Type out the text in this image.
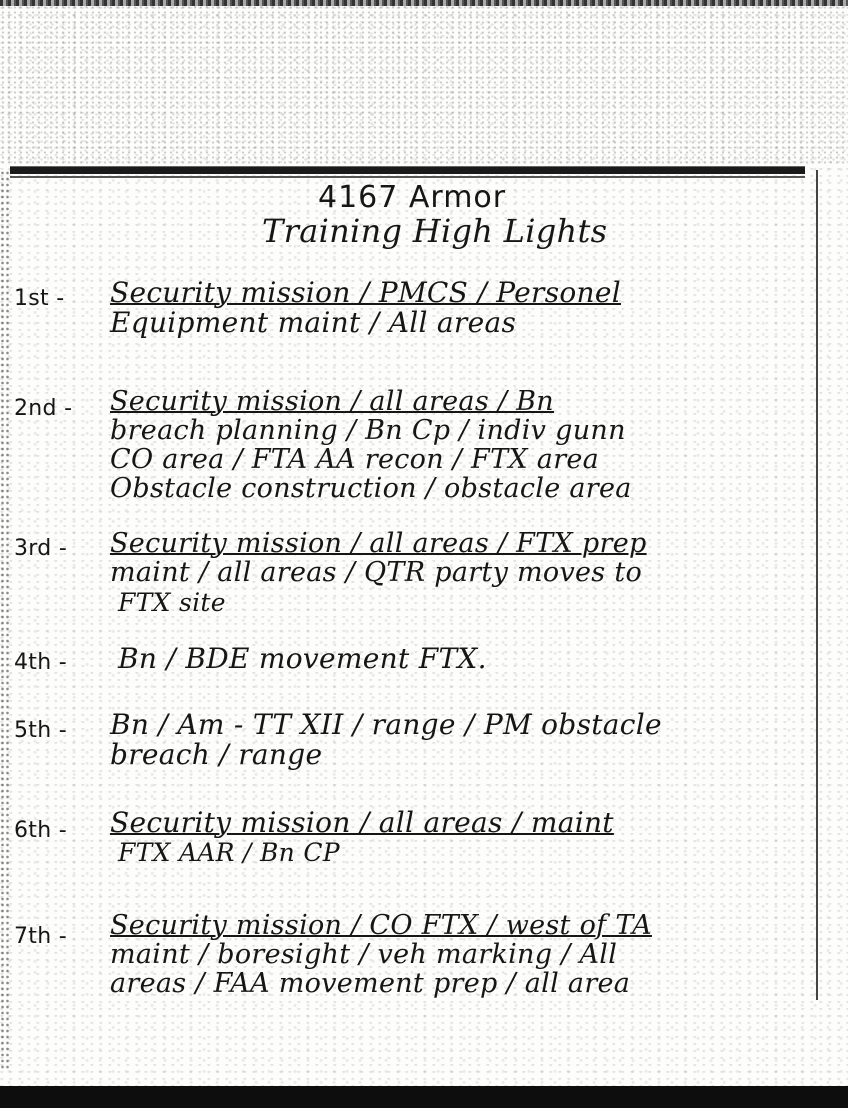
4167 Armor
Training High Lights
1st - Security mission / PMCS / Personel
Equipment maint / All areas
2nd - Security mission / all areas / Bn
breach planning / Bn Cp / indiv gunn
CO area / FTA AA recon / FTX area
Obstacle construction / obstacle area
3rd - Security mission / all areas / FTX prep
maint / all areas / QTR party moves to
FTX site
4th - Bn / BDE movement FTX.
5th - Bn / Am - TT XII / range / PM obstacle
breach / range
6th - Security mission / all areas / maint
FTX AAR / Bn CP
7th - Security mission / CO FTX / west of TA
maint / boresight / veh marking / All
areas / FAA movement prep / all area
